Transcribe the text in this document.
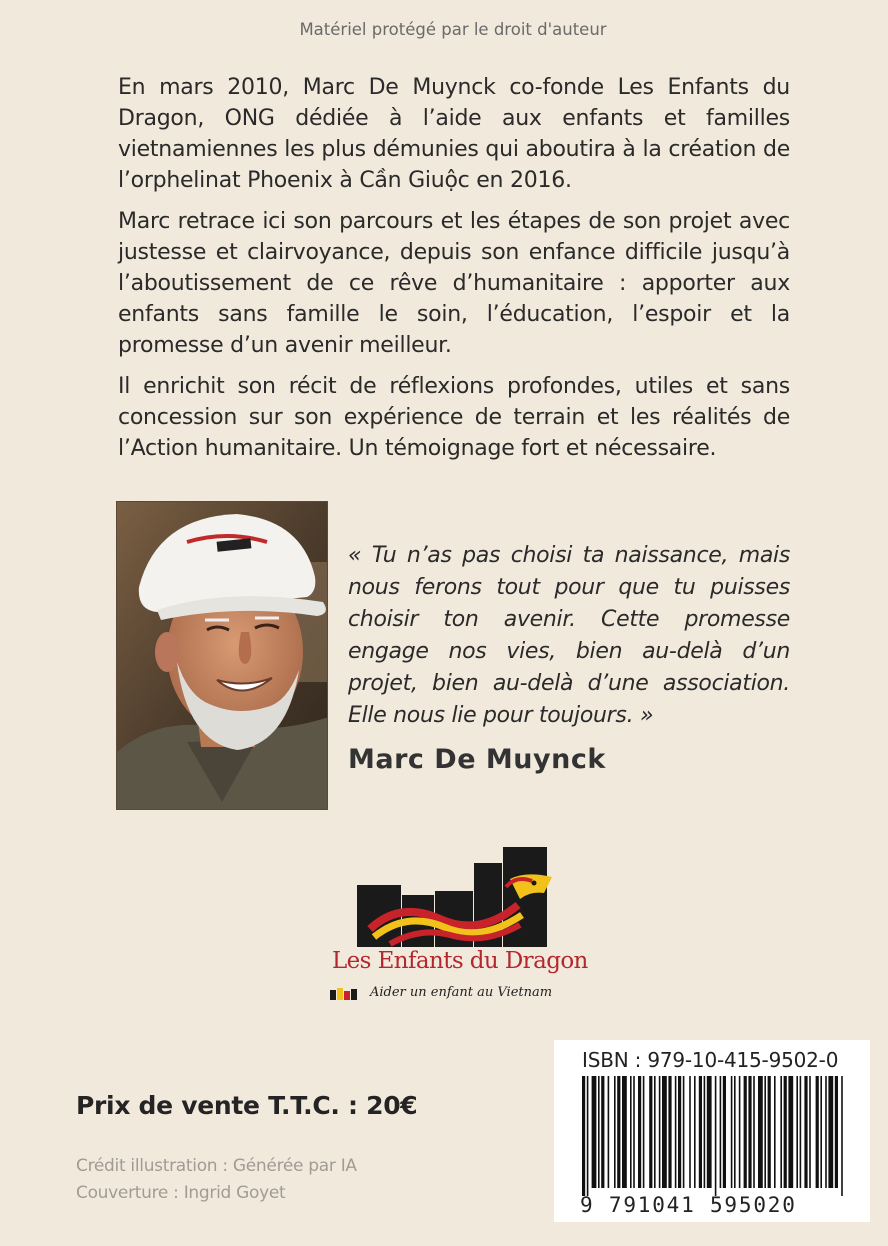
Matériel protégé par le droit d'auteur

En mars 2010, Marc De Muynck co-fonde Les Enfants du Dragon, ONG dédiée à l’aide aux enfants et familles vietnamiennes les plus démunies qui aboutira à la création de l’orphelinat Phoenix à Cần Giuộc en 2016.

Marc retrace ici son parcours et les étapes de son projet avec justesse et clairvoyance, depuis son enfance difficile jusqu’à l’aboutissement de ce rêve d’humanitaire : apporter aux enfants sans famille le soin, l’éducation, l’espoir et la promesse d’un avenir meilleur.

Il enrichit son récit de réflexions profondes, utiles et sans concession sur son expérience de terrain et les réalités de l’Action humanitaire. Un témoignage fort et nécessaire.

« Tu n’as pas choisi ta naissance, mais nous ferons tout pour que tu puisses choisir ton avenir. Cette promesse engage nos vies, bien au-delà d’un projet, bien au-delà d’une association. Elle nous lie pour toujours. »
Marc De Muynck
Les Enfants du Dragon
Aider un enfant au Vietnam
Prix de vente T.T.C. : 20€
Crédit illustration : Générée par IA
Couverture : Ingrid Goyet
ISBN : 979-10-415-9502-0
9 791041 595020
